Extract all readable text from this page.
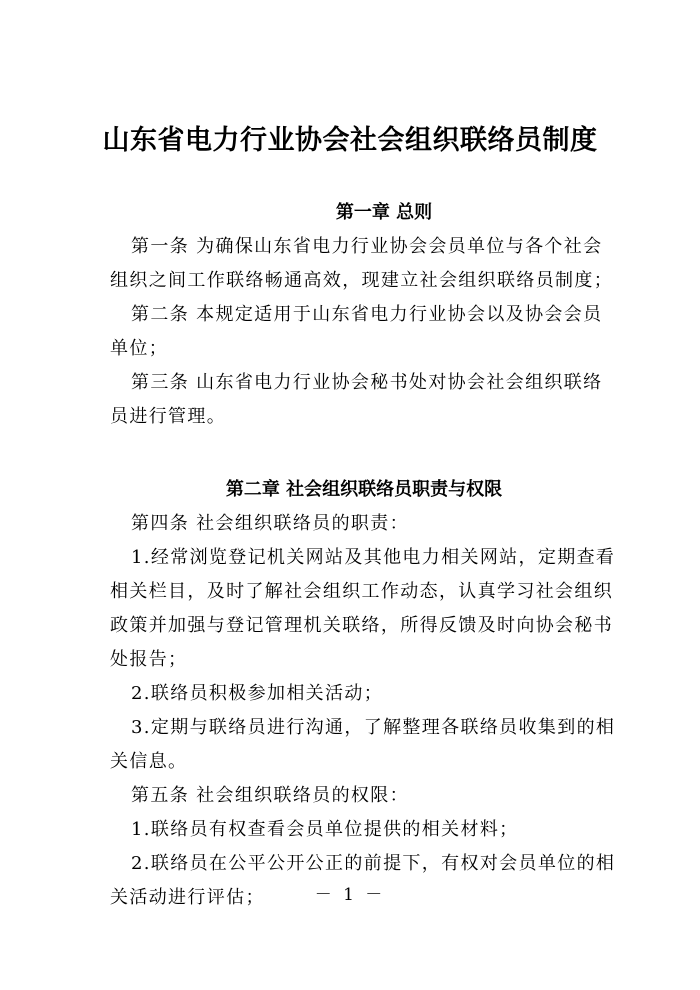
山东省电力行业协会社会组织联络员制度
第一章 总则

第一条 为确保山东省电力行业协会会员单位与各个社会组织之间工作联络畅通高效，现建立社会组织联络员制度；

第二条 本规定适用于山东省电力行业协会以及协会会员单位；

第三条 山东省电力行业协会秘书处对协会社会组织联络员进行管理。

第二章 社会组织联络员职责与权限

第四条 社会组织联络员的职责：

1.经常浏览登记机关网站及其他电力相关网站，定期查看相关栏目，及时了解社会组织工作动态，认真学习社会组织政策并加强与登记管理机关联络，所得反馈及时向协会秘书处报告；

2.联络员积极参加相关活动；

3.定期与联络员进行沟通，了解整理各联络员收集到的相关信息。

第五条 社会组织联络员的权限：

1.联络员有权查看会员单位提供的相关材料；

2.联络员在公平公开公正的前提下，有权对会员单位的相关活动进行评估；	－ 1 －
